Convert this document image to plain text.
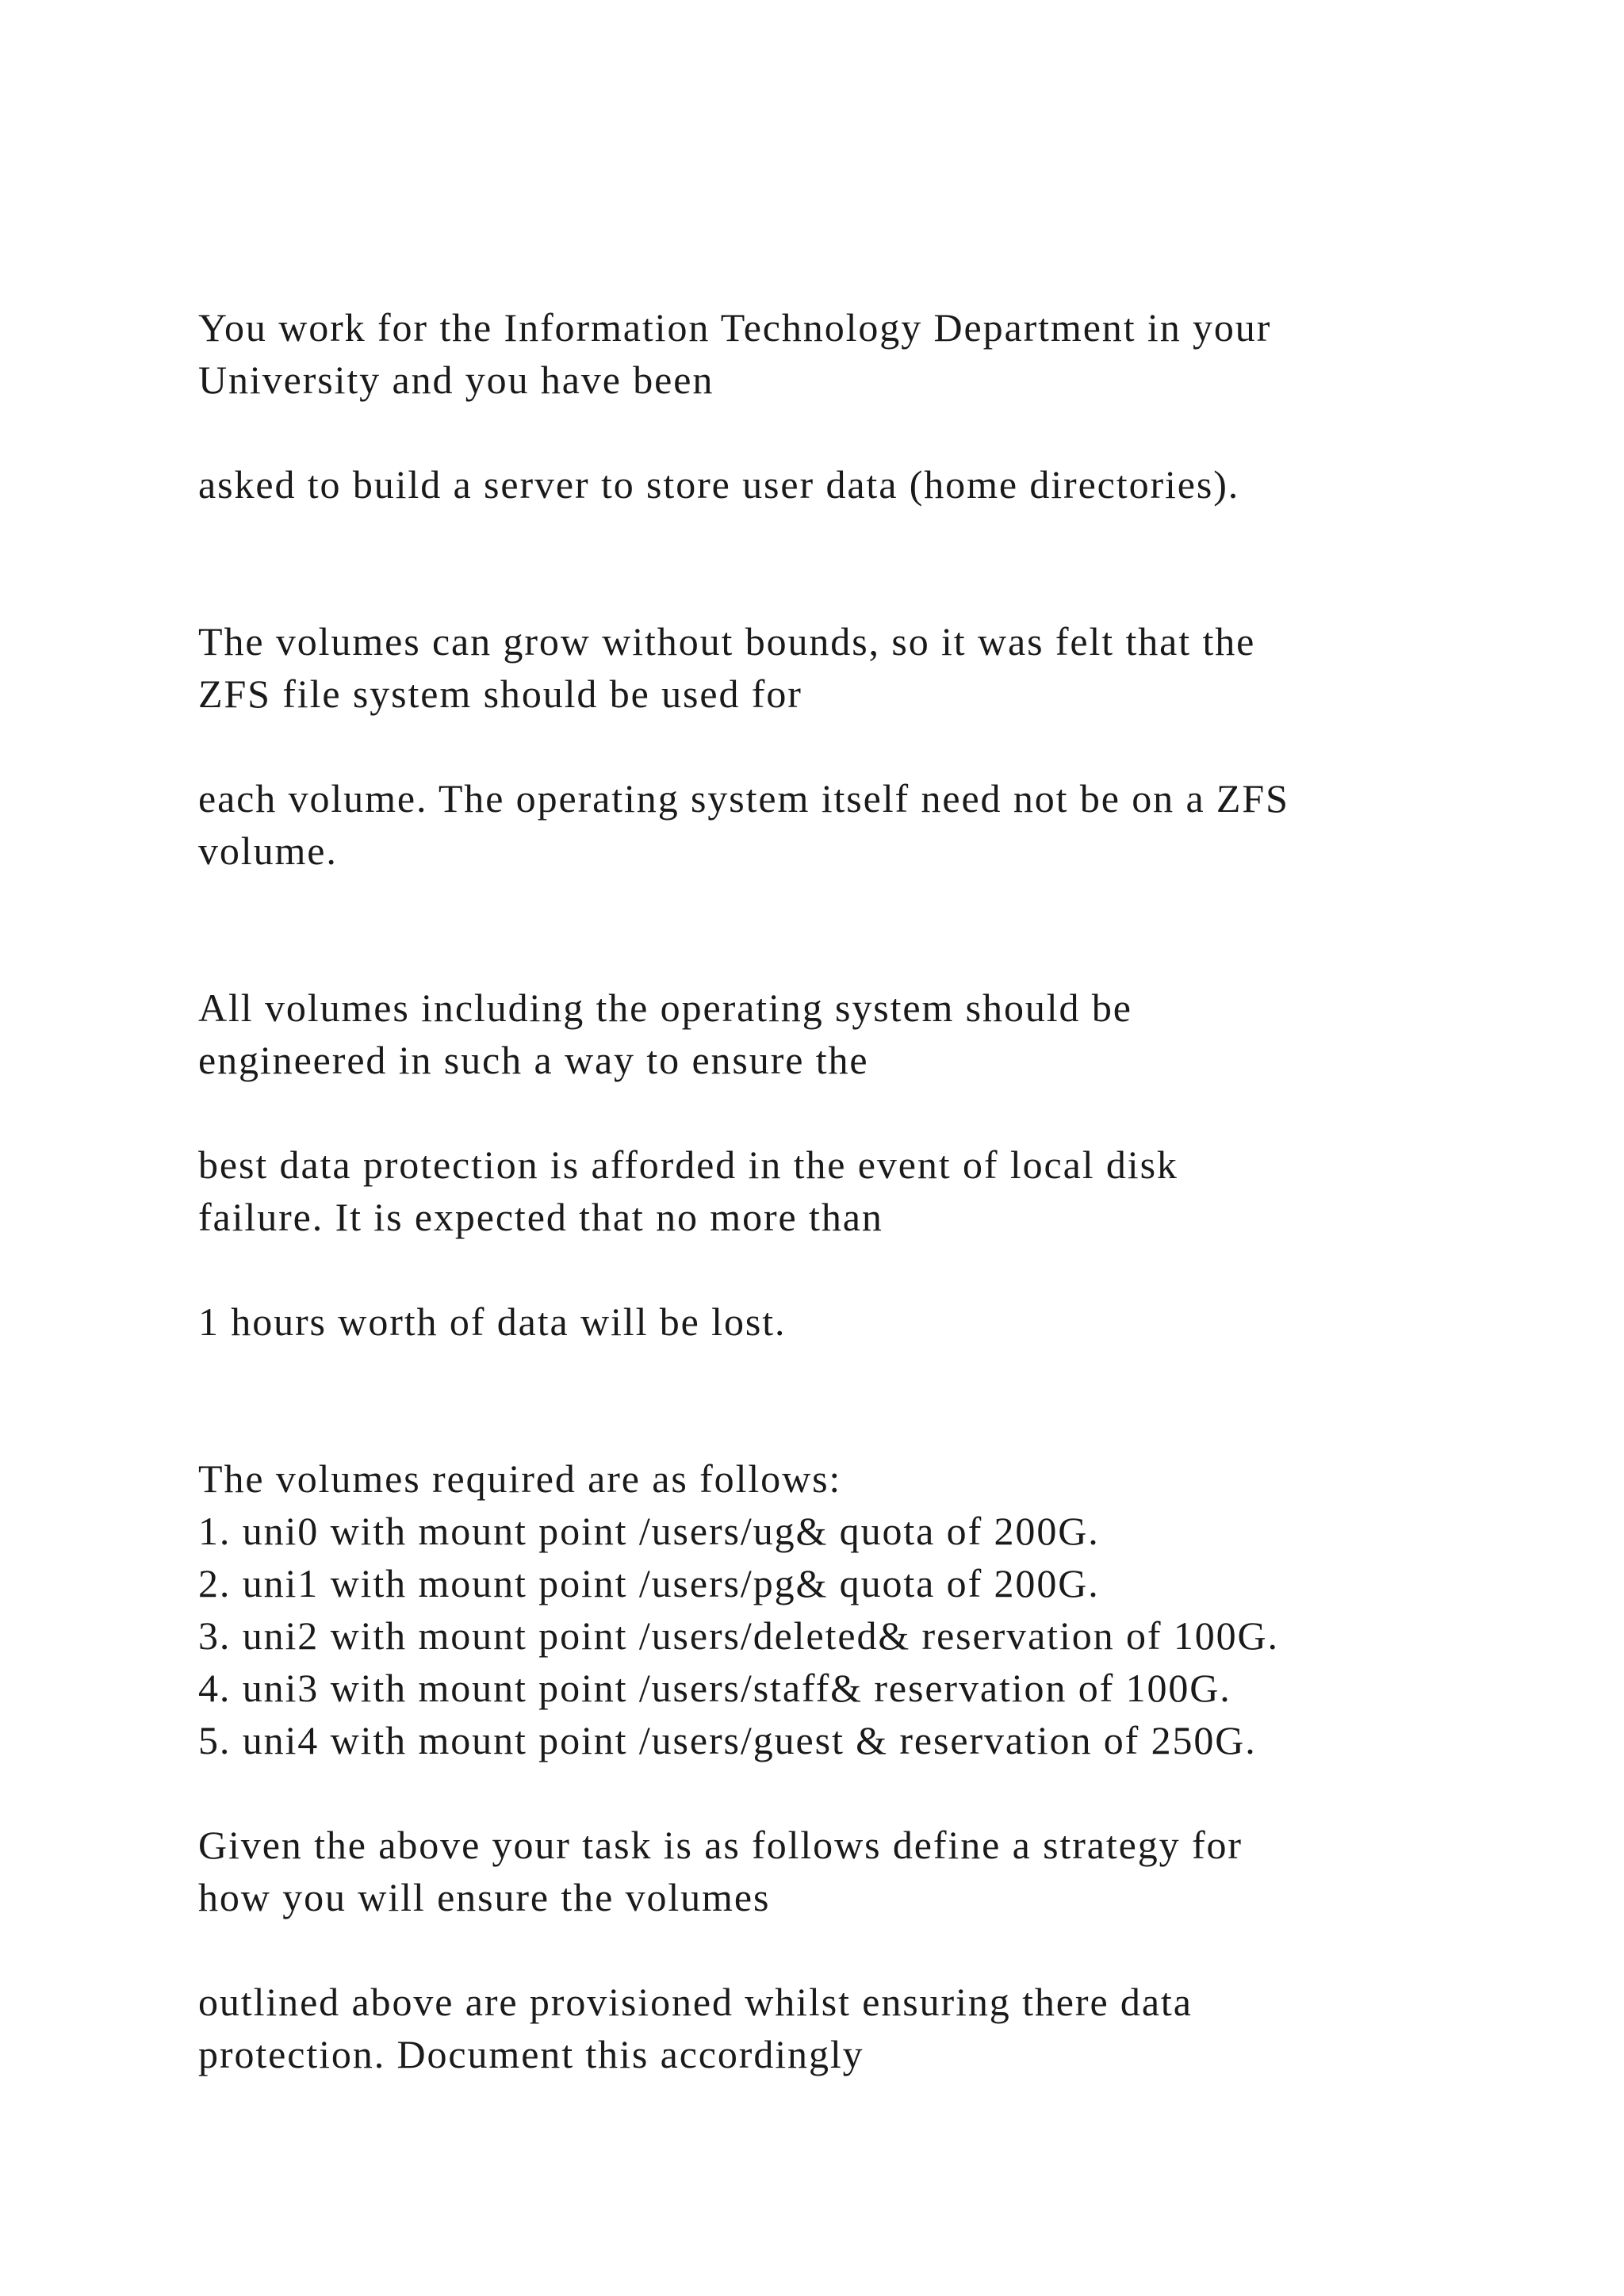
You work for the Information Technology Department in your
University and you have been
asked to build a server to store user data (home directories).
The volumes can grow without bounds, so it was felt that the
ZFS file system should be used for
each volume. The operating system itself need not be on a ZFS
volume.
All volumes including the operating system should be
engineered in such a way to ensure the
best data protection is afforded in the event of local disk
failure. It is expected that no more than
1 hours worth of data will be lost.
The volumes required are as follows:
1. uni0 with mount point /users/ug& quota of 200G.
2. uni1 with mount point /users/pg& quota of 200G.
3. uni2 with mount point /users/deleted& reservation of 100G.
4. uni3 with mount point /users/staff& reservation of 100G.
5. uni4 with mount point /users/guest & reservation of 250G.
Given the above your task is as follows define a strategy for
how you will ensure the volumes
outlined above are provisioned whilst ensuring there data
protection. Document this accordingly
